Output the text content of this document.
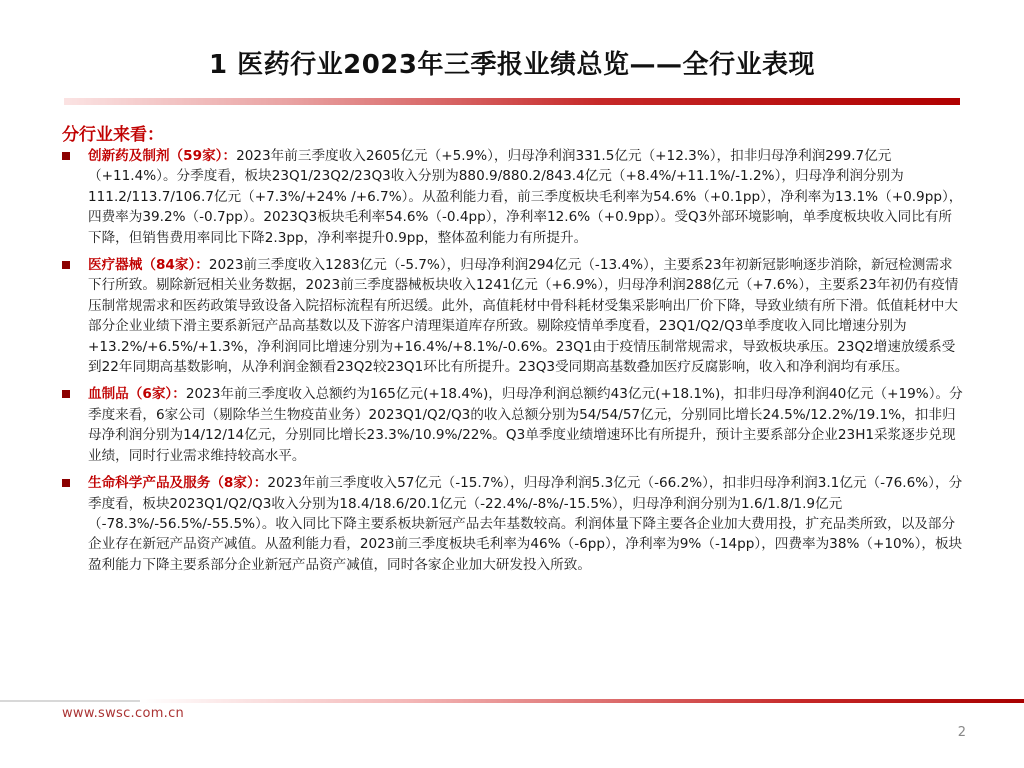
1 医药行业2023年三季报业绩总览——全行业表现
分行业来看：
创新药及制剂（59家）：2023年前三季度收入2605亿元（+5.9%），归母净利润331.5亿元（+12.3%），扣非归母净利润299.7亿元（+11.4%）。分季度看，板块23Q1/23Q2/23Q3收入分别为880.9/880.2/843.4亿元（+8.4%/+11.1%/-1.2%），归母净利润分别为111.2/113.7/106.7亿元（+7.3%/+24% /+6.7%）。从盈利能力看，前三季度板块毛利率为54.6%（+0.1pp），净利率为13.1%（+0.9pp），四费率为39.2%（-0.7pp）。2023Q3板块毛利率54.6%（-0.4pp），净利率12.6%（+0.9pp）。受Q3外部环境影响，单季度板块收入同比有所下降，但销售费用率同比下降2.3pp，净利率提升0.9pp，整体盈利能力有所提升。
医疗器械（84家）：2023前三季度收入1283亿元（-5.7%），归母净利润294亿元（-13.4%），主要系23年初新冠影响逐步消除，新冠检测需求下行所致。剔除新冠相关业务数据，2023前三季度器械板块收入1241亿元（+6.9%），归母净利润288亿元（+7.6%），主要系23年初仍有疫情压制常规需求和医药政策导致设备入院招标流程有所迟缓。此外，高值耗材中骨科耗材受集采影响出厂价下降，导致业绩有所下滑。低值耗材中大部分企业业绩下滑主要系新冠产品高基数以及下游客户清理渠道库存所致。剔除疫情单季度看，23Q1/Q2/Q3单季度收入同比增速分别为+13.2%/+6.5%/+1.3%，净利润同比增速分别为+16.4%/+8.1%/-0.6%。23Q1由于疫情压制常规需求，导致板块承压。23Q2增速放缓系受到22年同期高基数影响，从净利润金额看23Q2较23Q1环比有所提升。23Q3受同期高基数叠加医疗反腐影响，收入和净利润均有承压。
血制品（6家）：2023年前三季度收入总额约为165亿元(+18.4%)，归母净利润总额约43亿元(+18.1%)，扣非归母净利润40亿元（+19%）。分季度来看，6家公司（剔除华兰生物疫苗业务）2023Q1/Q2/Q3的收入总额分别为54/54/57亿元，分别同比增长24.5%/12.2%/19.1%，扣非归母净利润分别为14/12/14亿元，分别同比增长23.3%/10.9%/22%。Q3单季度业绩增速环比有所提升，预计主要系部分企业23H1采浆逐步兑现业绩，同时行业需求维持较高水平。
生命科学产品及服务（8家）：2023年前三季度收入57亿元（-15.7%），归母净利润5.3亿元（-66.2%），扣非归母净利润3.1亿元（-76.6%），分季度看，板块2023Q1/Q2/Q3收入分别为18.4/18.6/20.1亿元（-22.4%/-8%/-15.5%），归母净利润分别为1.6/1.8/1.9亿元（-78.3%/-56.5%/-55.5%）。收入同比下降主要系板块新冠产品去年基数较高。利润体量下降主要各企业加大费用投，扩充品类所致，以及部分企业存在新冠产品资产减值。从盈利能力看，2023前三季度板块毛利率为46%（-6pp），净利率为9%（-14pp），四费率为38%（+10%），板块盈利能力下降主要系部分企业新冠产品资产减值，同时各家企业加大研发投入所致。
www.swsc.com.cn
2
